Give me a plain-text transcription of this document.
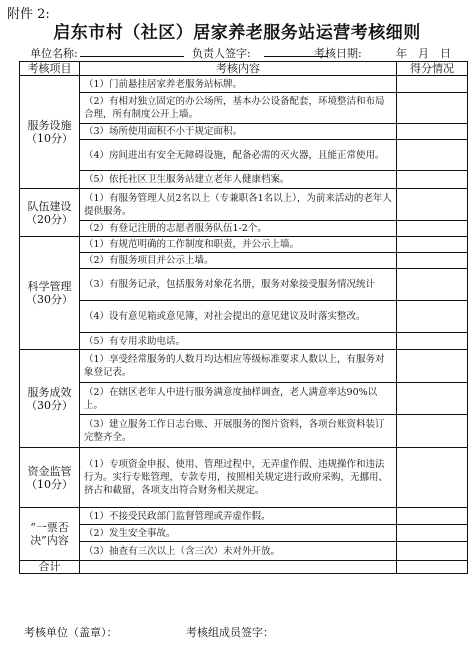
附件 2:
启东市村（社区）居家养老服务站运营考核细则
单位名称:	负责人签字:	考核日期:	年　月　日
考核项目	考核内容	得分情况

服务设施
（10分）	（1）门前悬挂居家养老服务站标牌。	

	（2）有相对独立固定的办公场所，基本办公设备配套，环境整洁和布局合理，所有制度公开上墙。	

	（3）场所使用面积不小于规定面积。	

	（4）房间进出有安全无障碍设施，配备必需的灭火器，且能正常使用。	

	（5）依托社区卫生服务站建立老年人健康档案。	

队伍建设
（20分）	（1）有服务管理人员2名以上（专兼职各1名以上），为前来活动的老年人提供服务。	

	（2）有登记注册的志愿者服务队伍1-2个。	

科学管理
（30分）	（1）有规范明确的工作制度和职责，并公示上墙。	

	（2）有服务项目并公示上墙。	

	（3）有服务记录，包括服务对象花名册，服务对象接受服务情况统计	

	（4）设有意见箱或意见簿，对社会提出的意见建议及时落实整改。	

	（5）有专用求助电话。	

服务成效
（30分）	（1）享受经常服务的人数月均达相应等级标准要求人数以上，有服务对象登记表。	

	（2）在辖区老年人中进行服务满意度抽样调查，老人满意率达90%以上。	

	（3）建立服务工作日志台账、开展服务的图片资料，各项台账资料装订完整齐全。	

资金监管
（10分）	（1）专项资金申报、使用、管理过程中，无弄虚作假、违规操作和违法行为。实行专账管理，专款专用，按照相关规定进行政府采购，无挪用、挤占和截留，各项支出符合财务相关规定。	

“一票否决”内容	（1）不接受民政部门监督管理或弄虚作假。	

	（2）发生安全事故。	

	（3）抽查有三次以上（含三次）未对外开放。	

合计		
考核单位（盖章）：	考核组成员签字：
